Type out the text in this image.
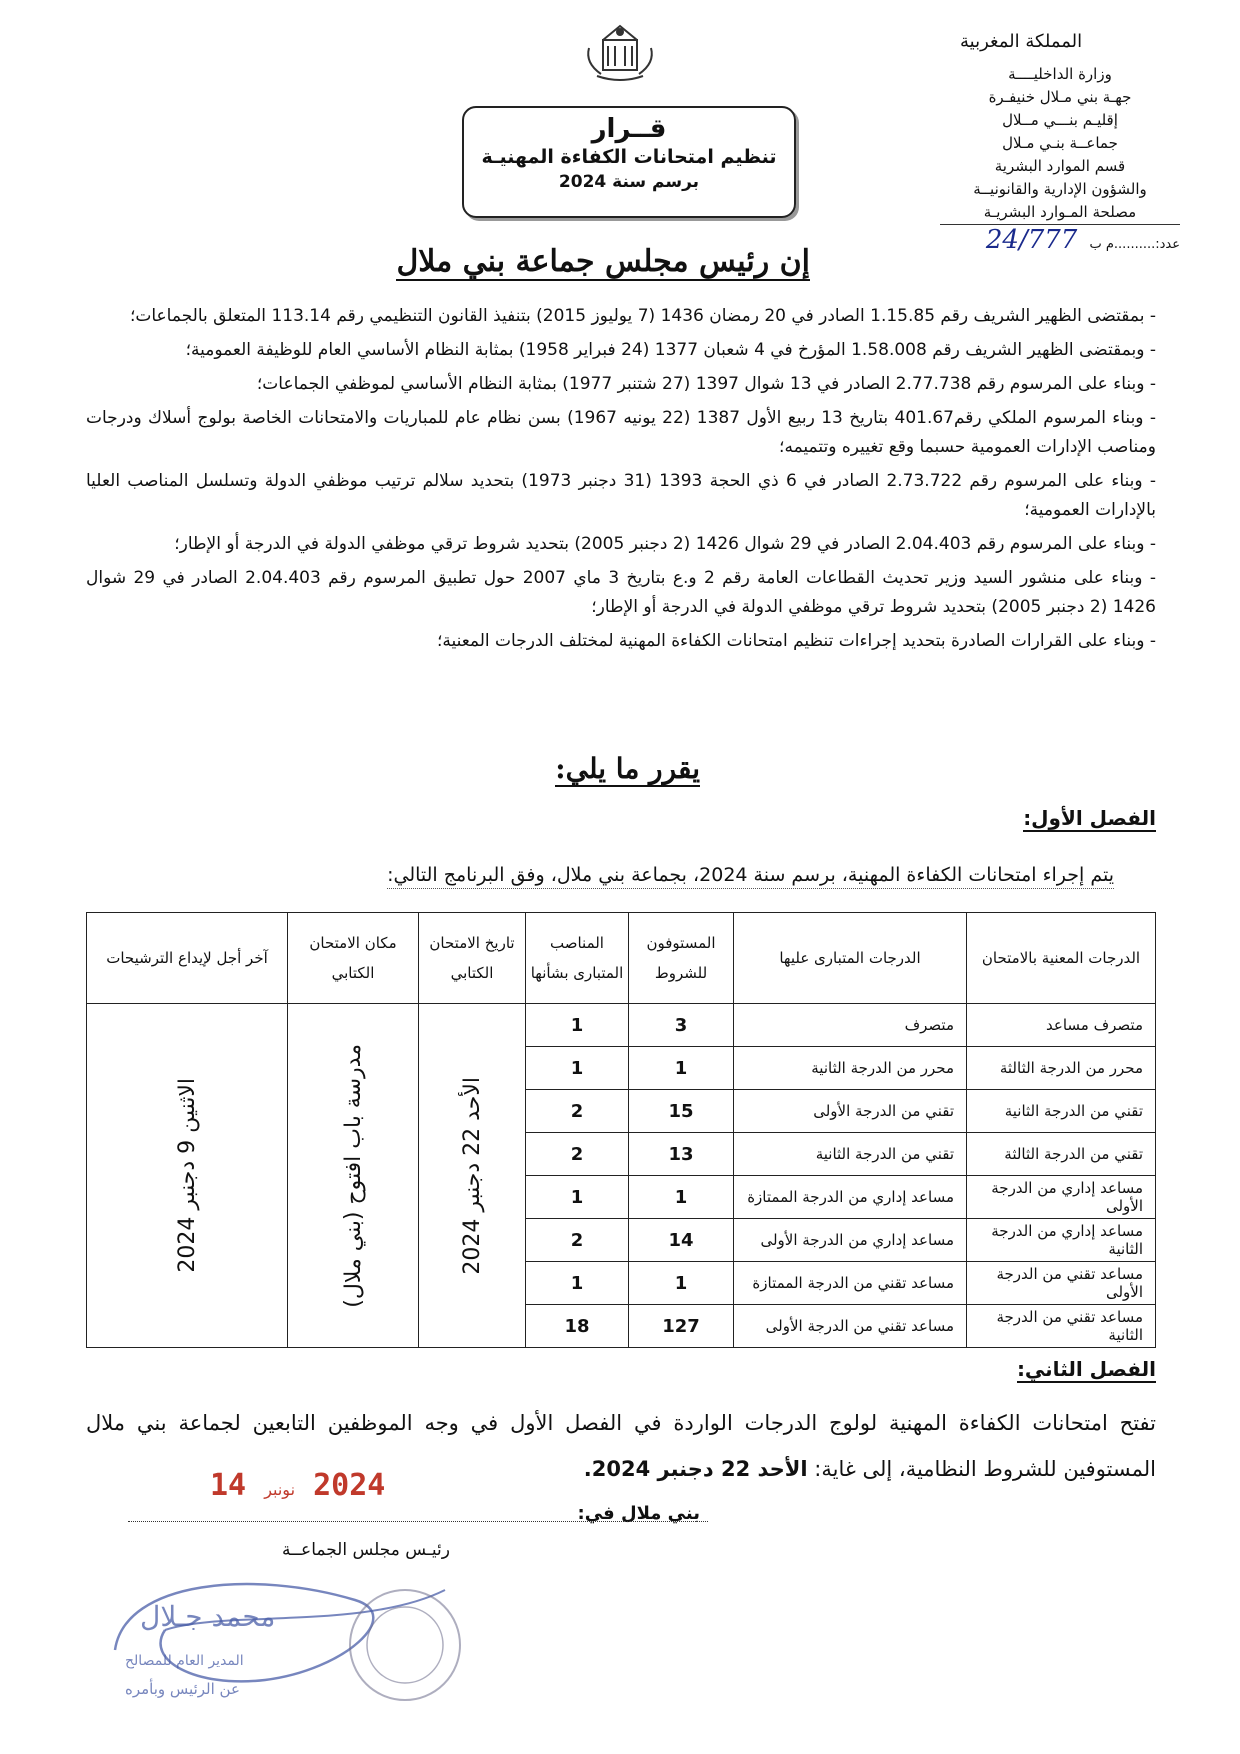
المملكة المغربية
وزارة الداخليــــة
جهـة بني مـلال خنيفـرة
إقليـم بنـــي مــلال
جماعــة بنـي مـلال
قسم الموارد البشرية
والشؤون الإدارية والقانونيــة
مصلحة المـوارد البشريـة
عدد:..........م ب 24/777
قــرار
تنظيم امتحانات الكفاءة المهنيـة
برسم سنة 2024
إن رئيس مجلس جماعة بني ملال

- بمقتضى الظهير الشريف رقم 1.15.85 الصادر في 20 رمضان 1436 (7 يوليوز 2015) بتنفيذ القانون التنظيمي رقم 113.14 المتعلق بالجماعات؛

- وبمقتضى الظهير الشريف رقم 1.58.008 المؤرخ في 4 شعبان 1377 (24 فبراير 1958) بمثابة النظام الأساسي العام للوظيفة العمومية؛

- وبناء على المرسوم رقم 2.77.738 الصادر في 13 شوال 1397 (27 شتنبر 1977) بمثابة النظام الأساسي لموظفي الجماعات؛

- وبناء المرسوم الملكي رقم401.67 بتاريخ 13 ربيع الأول 1387 (22 يونيه 1967) بسن نظام عام للمباريات والامتحانات الخاصة بولوج أسلاك ودرجات ومناصب الإدارات العمومية حسبما وقع تغييره وتتميمه؛

- وبناء على المرسوم رقم 2.73.722 الصادر في 6 ذي الحجة 1393 (31 دجنبر 1973) بتحديد سلالم ترتيب موظفي الدولة وتسلسل المناصب العليا بالإدارات العمومية؛

- وبناء على المرسوم رقم 2.04.403 الصادر في 29 شوال 1426 (2 دجنبر 2005) بتحديد شروط ترقي موظفي الدولة في الدرجة أو الإطار؛

- وبناء على منشور السيد وزير تحديث القطاعات العامة رقم 2 و.ع بتاريخ 3 ماي 2007 حول تطبيق المرسوم رقم 2.04.403 الصادر في 29 شوال 1426 (2 دجنبر 2005) بتحديد شروط ترقي موظفي الدولة في الدرجة أو الإطار؛

- وبناء على القرارات الصادرة بتحديد إجراءات تنظيم امتحانات الكفاءة المهنية لمختلف الدرجات المعنية؛

يقرر ما يلي:
الفصل الأول:
يتم إجراء امتحانات الكفاءة المهنية، برسم سنة 2024، بجماعة بني ملال، وفق البرنامج التالي:
الدرجات المعنية بالامتحان	الدرجات المتبارى عليها	المستوفون للشروط	المناصب المتبارى بشأنها	تاريخ الامتحان الكتابي	مكان الامتحان الكتابي	آخر أجل لإيداع الترشيحات
متصرف مساعد	متصرف	3	1	الأحد 22 دجنبر 2024	مدرسة باب افتوح (بني ملال)	الاثنين 9 دجنبر 2024

محرر من الدرجة الثالثة	محرر من الدرجة الثانية	1	1			
تقني من الدرجة الثانية	تقني من الدرجة الأولى	15	2			
تقني من الدرجة الثالثة	تقني من الدرجة الثانية	13	2			
مساعد إداري من الدرجة الأولى	مساعد إداري من الدرجة الممتازة	1	1			
مساعد إداري من الدرجة الثانية	مساعد إداري من الدرجة الأولى	14	2			
مساعد تقني من الدرجة الأولى	مساعد تقني من الدرجة الممتازة	1	1			
مساعد تقني من الدرجة الثانية	مساعد تقني من الدرجة الأولى	127	18			
الفصل الثاني:
تفتح امتحانات الكفاءة المهنية لولوج الدرجات الواردة في الفصل الأول في وجه الموظفين التابعين لجماعة بني ملال المستوفين للشروط النظامية، إلى غاية: الأحد 22 دجنبر 2024.
بني ملال في:
2024 نونبر 14
رئيـس مجلس الجماعــة
محمد جـلال
المدير العام للمصالح
عن الرئيس وبأمره
